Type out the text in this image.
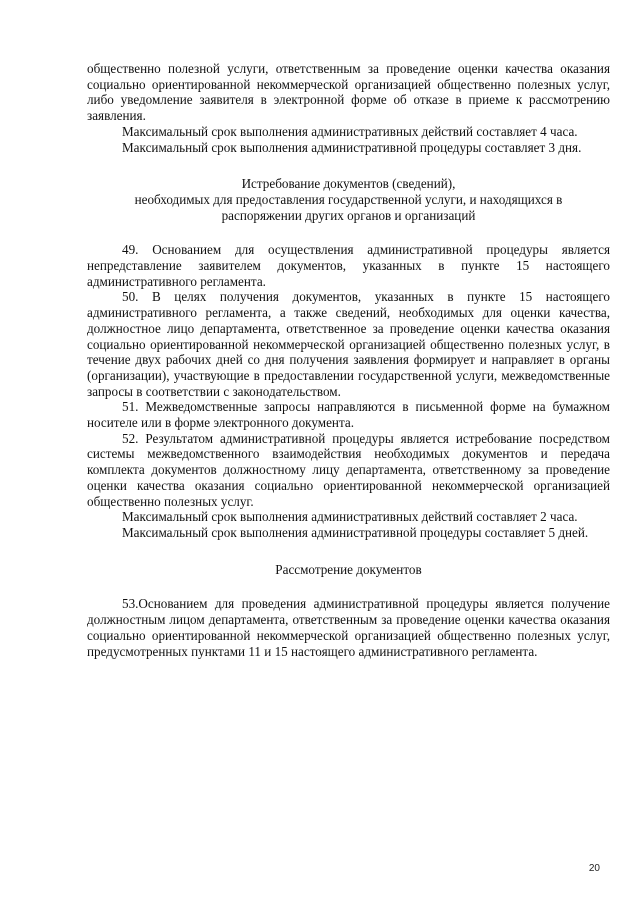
общественно полезной услуги, ответственным за проведение оценки качества оказания социально ориентированной некоммерческой организацией общественно полезных услуг, либо уведомление заявителя в электронной форме об отказе в приеме к рассмотрению заявления.

Максимальный срок выполнения административных действий составляет 4 часа.

Максимальный срок выполнения административной процедуры составляет 3 дня.

Истребование документов (сведений),

необходимых для предоставления государственной услуги, и находящихся в

распоряжении других органов и организаций

49. Основанием для осуществления административной процедуры является непредставление заявителем документов, указанных в пункте 15 настоящего административного регламента.

50. В целях получения документов, указанных в пункте 15 настоящего административного регламента, а также сведений, необходимых для оценки качества, должностное лицо департамента, ответственное за проведение оценки качества оказания социально ориентированной некоммерческой организацией общественно полезных услуг, в течение двух рабочих дней со дня получения заявления формирует и направляет в органы (организации), участвующие в предоставлении государственной услуги, межведомственные запросы в соответствии с законодательством.

51. Межведомственные запросы направляются в письменной форме на бумажном носителе или в форме электронного документа.

52. Результатом административной процедуры является истребование посредством системы межведомственного взаимодействия необходимых документов и передача комплекта документов должностному лицу департамента, ответственному за проведение оценки качества оказания социально ориентированной некоммерческой организацией общественно полезных услуг.

Максимальный срок выполнения административных действий составляет 2 часа.

Максимальный срок выполнения административной процедуры составляет 5 дней.

Рассмотрение документов

53.Основанием для проведения административной процедуры является получение должностным лицом департамента, ответственным за проведение оценки качества оказания социально ориентированной некоммерческой организацией общественно полезных услуг, предусмотренных пунктами 11 и 15 настоящего административного регламента.

20
